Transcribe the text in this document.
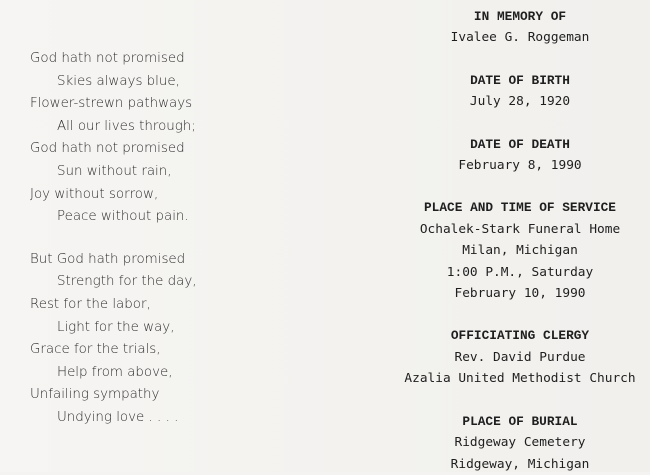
God hath not promised
Skies always blue,
Flower-strewn pathways
All our lives through;
God hath not promised
Sun without rain,
Joy without sorrow,
Peace without pain.
But God hath promised
Strength for the day,
Rest for the labor,
Light for the way,
Grace for the trials,
Help from above,
Unfailing sympathy
Undying love . . . .
IN MEMORY OF
Ivalee G. Roggeman
DATE OF BIRTH
July 28, 1920
DATE OF DEATH
February 8, 1990
PLACE AND TIME OF SERVICE
Ochalek-Stark Funeral Home
Milan, Michigan
1:00 P.M., Saturday
February 10, 1990
OFFICIATING CLERGY
Rev. David Purdue
Azalia United Methodist Church
PLACE OF BURIAL
Ridgeway Cemetery
Ridgeway, Michigan
